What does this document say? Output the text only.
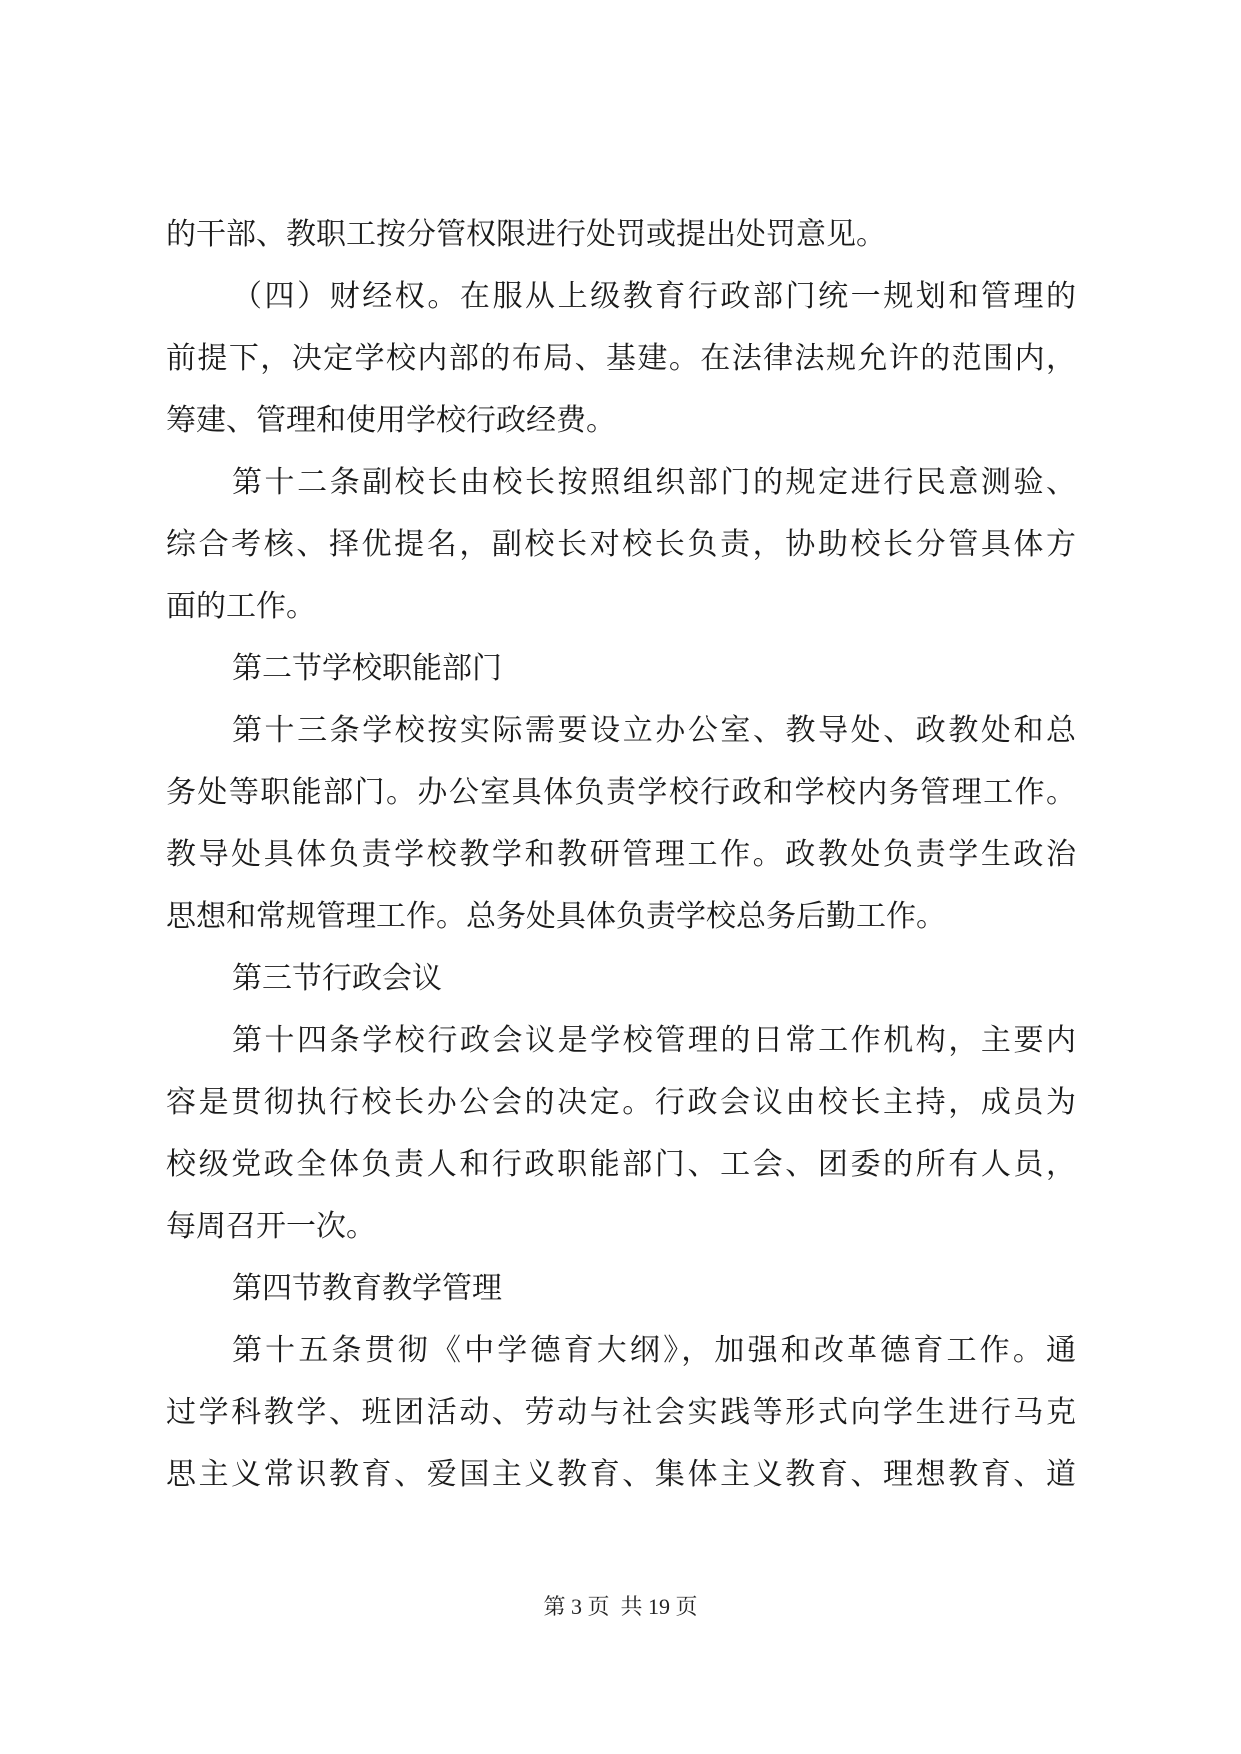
的干部、教职工按分管权限进行处罚或提出处罚意见。
（四）财经权。在服从上级教育行政部门统一规划和管理的
前提下，决定学校内部的布局、基建。在法律法规允许的范围内，
筹建、管理和使用学校行政经费。
第十二条副校长由校长按照组织部门的规定进行民意测验、
综合考核、择优提名，副校长对校长负责，协助校长分管具体方
面的工作。
第二节学校职能部门
第十三条学校按实际需要设立办公室、教导处、政教处和总
务处等职能部门。办公室具体负责学校行政和学校内务管理工作。
教导处具体负责学校教学和教研管理工作。政教处负责学生政治
思想和常规管理工作。总务处具体负责学校总务后勤工作。
第三节行政会议
第十四条学校行政会议是学校管理的日常工作机构，主要内
容是贯彻执行校长办公会的决定。行政会议由校长主持，成员为
校级党政全体负责人和行政职能部门、工会、团委的所有人员，
每周召开一次。
第四节教育教学管理
第十五条贯彻《中学德育大纲》，加强和改革德育工作。通
过学科教学、班团活动、劳动与社会实践等形式向学生进行马克
思主义常识教育、爱国主义教育、集体主义教育、理想教育、道
第 3 页  共 19 页
